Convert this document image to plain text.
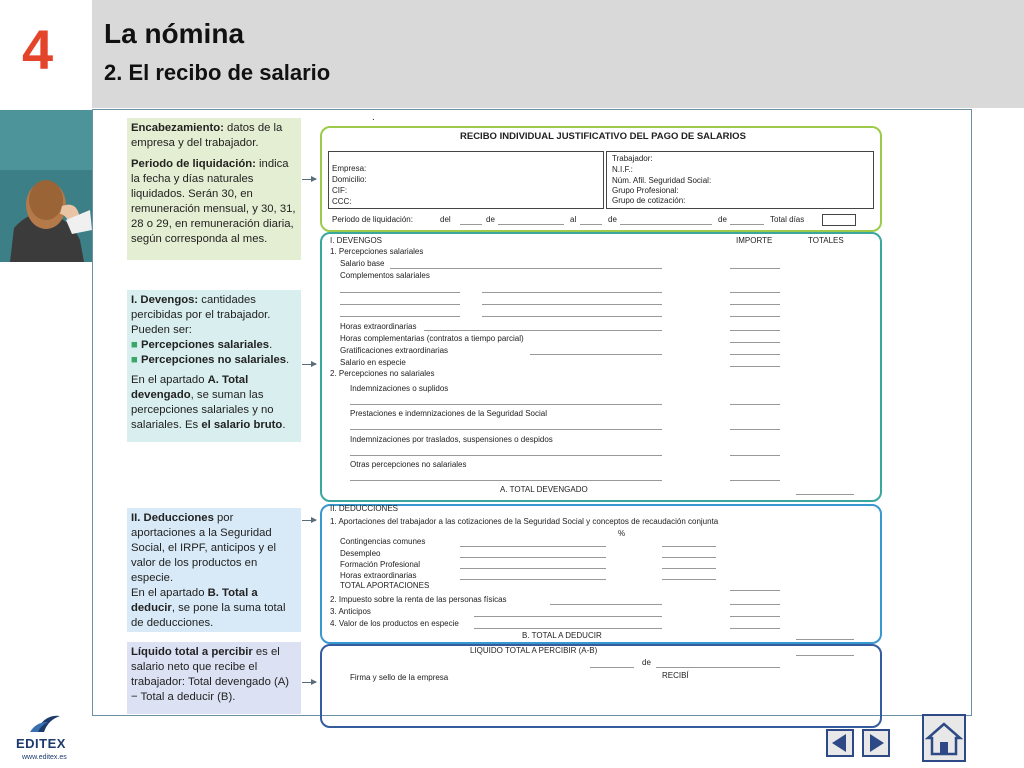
4 La nómina
2. El recibo de salario
Encabezamiento: datos de la empresa y del trabajador.
Periodo de liquidación: indica la fecha y días naturales liquidados. Serán 30, en remuneración mensual, y 30, 31, 28 o 29, en remuneración diaria, según corresponda al mes.
I. Devengos: cantidades percibidas por el trabajador. Pueden ser:
■ Percepciones salariales.
■ Percepciones no salariales.
En el apartado A. Total devengado, se suman las percepciones salariales y no salariales. Es el salario bruto.
II. Deducciones por aportaciones a la Seguridad Social, el IRPF, anticipos y el valor de los productos en especie.
En el apartado B. Total a deducir, se pone la suma total de deducciones.
Líquido total a percibir es el salario neto que recibe el trabajador: Total devengado (A) − Total a deducir (B).
.
RECIBO INDIVIDUAL JUSTIFICATIVO DEL PAGO DE SALARIOS
Empresa:
Domicilio:
CIF:
CCC:
Trabajador:
N.I.F.:
Núm. Afil. Seguridad Social:
Grupo Profesional:
Grupo de cotización:
Periodo de liquidación:	del	de	al	de	de	Total días
I. DEVENGOS	IMPORTE	TOTALES
1. Percepciones salariales
Salario base
Complementos salariales
Horas extraordinarias
Horas complementarias (contratos a tiempo parcial)
Gratificaciones extraordinarias
Salario en especie
2. Percepciones no salariales
Indemnizaciones o suplidos
Prestaciones e indemnizaciones de la Seguridad Social
Indemnizaciones por traslados, suspensiones o despidos
Otras percepciones no salariales
A. TOTAL DEVENGADO
II. DEDUCCIONES
1. Aportaciones del trabajador a las cotizaciones de la Seguridad Social y conceptos de recaudación conjunta
%
Contingencias comunes
Desempleo
Formación Profesional
Horas extraordinarias
TOTAL APORTACIONES
2. Impuesto sobre la renta de las personas físicas
3. Anticipos
4. Valor de los productos en especie
B. TOTAL A DEDUCIR
LIQUIDO TOTAL A PERCIBIR (A-B)
de
Firma y sello de la empresa	RECIBÍ
EDITEX
www.editex.es
